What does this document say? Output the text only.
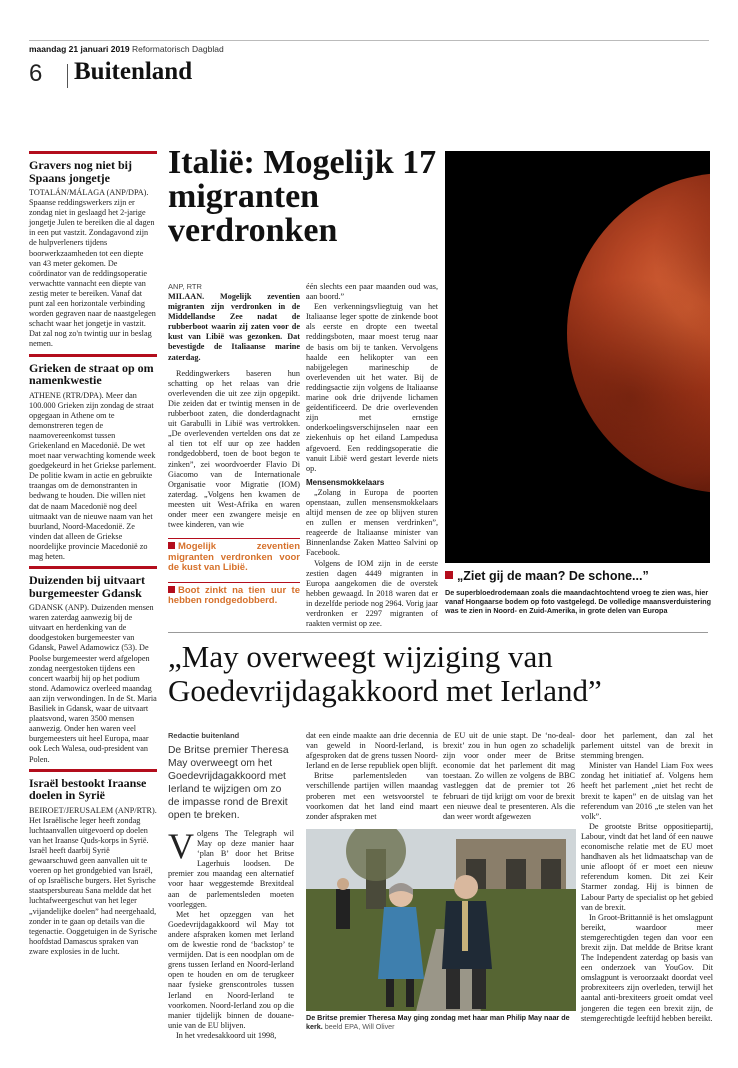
maandag 21 januari 2019 Reformatorisch Dagblad
6 Buitenland
Gravers nog niet bij Spaans jongetje

TOTALÁN/MÁLAGA (ANP/DPA). Spaanse reddingswerkers zijn er zondag niet in geslaagd het 2-jarige jongetje Julen te bereiken die al dagen in een put vastzit. Zondagavond zijn de hulpverleners tijdens boorwerkzaamheden tot een diepte van 43 meter gekomen. De coördinator van de reddingsoperatie verwachtte vannacht een diepte van zestig meter te bereiken. Vanaf dat punt zal een horizontale verbinding worden gegraven naar de naastgelegen schacht waar het jongetje in vastzit. Dat zal nog zo'n twintig uur in beslag nemen.

Grieken de straat op om namenkwestie

ATHENE (RTR/DPA). Meer dan 100.000 Grieken zijn zondag de straat opgegaan in Athene om te demonstreren tegen de naamovereenkomst tussen Griekenland en Macedonië. De wet moet naar verwachting komende week goedgekeurd in het Griekse parlement. De politie kwam in actie en gebruikte traangas om de demonstranten in bedwang te houden. Die willen niet dat de naam Macedonië nog deel uitmaakt van de nieuwe naam van het buurland, Noord-Macedonië. Ze vinden dat alleen de Griekse noordelijke provincie Macedonië zo mag heten.

Duizenden bij uitvaart burgemeester Gdansk

GDANSK (ANP). Duizenden mensen waren zaterdag aanwezig bij de uitvaart en herdenking van de doodgestoken burgemeester van Gdansk, Pawel Adamowicz (53). De Poolse burgemeester werd afgelopen zondag neergestoken tijdens een concert waarbij hij op het podium stond. Adamowicz overleed maandag aan zijn verwondingen. In de St. Maria Basiliek in Gdansk, waar de uitvaart plaatsvond, waren 3500 mensen aanwezig. Onder hen waren veel burgemeesters uit heel Europa, maar ook Lech Walesa, oud-president van Polen.

Israël bestookt Iraanse doelen in Syrië

BEIROET/JERUSALEM (ANP/RTR). Het Israëlische leger heeft zondag luchtaanvallen uitgevoerd op doelen van het Iraanse Quds-korps in Syrië. Israël heeft daarbij Syrië gewaarschuwd geen aanvallen uit te voeren op het grondgebied van Israël, of op Israëlische burgers. Het Syrische staatspersbureau Sana meldde dat het luchtafweergeschut van het leger „vijandelijke doelen” had neergehaald, zonder in te gaan op details van die tegenactie. Ooggetuigen in de Syrische hoofdstad Damascus spraken van zware explosies in de lucht.

Italië: Mogelijk 17 migranten verdronken
ANP, RTR

MILAAN. Mogelijk zeventien migranten zijn verdronken in de Middellandse Zee nadat de rubberboot waarin zij zaten voor de kust van Libië was gezonken. Dat bevestigde de Italiaanse marine zaterdag.

Reddingwerkers baseren hun schatting op het relaas van drie overlevenden die uit zee zijn opgepikt. Die zeiden dat er twintig mensen in de rubberboot zaten, die donderdagnacht uit Garabulli in Libië was vertrokken. „De overlevenden vertelden ons dat ze al tien tot elf uur op zee hadden rondgedobberd, toen de boot begon te zinken”, zei woordvoerder Flavio Di Giacomo van de Internationale Organisatie voor Migratie (IOM) zaterdag. „Volgens hen kwamen de meesten uit West-Afrika en waren onder meer een zwangere meisje en twee kinderen, van wie

Mogelijk zeventien migranten verdronken voor de kust van Libië.
Boot zinkt na tien uur te hebben rondgedobberd.

één slechts een paar maanden oud was, aan boord.”

Een verkenningsvliegtuig van het Italiaanse leger spotte de zinkende boot als eerste en dropte een tweetal reddingsboten, maar moest terug naar de basis om bij te tanken. Vervolgens haalde een helikopter van een nabijgelegen marineschip de overlevenden uit het water. Bij de reddingsactie zijn volgens de Italiaanse marine ook drie drijvende lichamen geïdentificeerd. De drie overlevenden zijn met ernstige onderkoelingsverschijnselen naar een ziekenhuis op het eiland Lampedusa afgevoerd. Een reddingsoperatie die vanuit Libië werd gestart leverde niets op.

Mensensmokkelaars

„Zolang in Europa de poorten openstaan, zullen mensensmokkelaars altijd mensen de zee op blijven sturen en zullen er mensen verdrinken”, reageerde de Italiaanse minister van Binnenlandse Zaken Matteo Salvini op Facebook.

Volgens de IOM zijn in de eerste zestien dagen 4449 migranten in Europa aangekomen die de overstek hebben gewaagd. In 2018 waren dat er in dezelfde periode nog 2964. Vorig jaar verdronken er 2297 migranten of raakten vermist op zee.

„Ziet gij de maan? De schone...”
De superbloedrodemaan zoals die maandachtochtend vroeg te zien was, hier vanaf Hongaarse bodem op foto vastgelegd. De volledige maansverduistering was te zien in Noord- en Zuid-Amerika, in grote delen van Europa
„May overweegt wijziging van Goedevrijdagakkoord met Ierland”
Redactie buitenland
De Britse premier Theresa May overweegt om het Goedevrijdagakkoord met Ierland te wijzigen om zo de impasse rond de Brexit open te breken.

Volgens The Telegraph wil May op deze manier haar ‘plan B’ door het Britse Lagerhuis loodsen. De premier zou maandag een alternatief voor haar weggestemde Brexitdeal aan de parlementsleden moeten voorleggen.

Met het opzeggen van het Goedevrijdagakkoord wil May tot andere afspraken komen met Ierland om de kwestie rond de ‘backstop’ te vermijden. Dat is een noodplan om de grens tussen Ierland en Noord-Ierland open te houden en om de terugkeer naar fysieke grenscontroles tussen Ierland en Noord-Ierland te voorkomen. Noord-Ierland zou op die manier tijdelijk binnen de douane-unie van de EU blijven.

In het vredesakkoord uit 1998,

dat een einde maakte aan drie decennia van geweld in Noord-Ierland, is afgesproken dat de grens tussen Noord-Ierland en de Ierse republiek open blijft.

Britse parlementsleden van verschillende partijen willen maandag proberen met een wetsvoorstel te voorkomen dat het land eind maart zonder afspraken met

de EU uit de unie stapt. De ‘no-deal-brexit’ zou in hun ogen zo schadelijk zijn voor onder meer de Britse economie dat het parlement dit mag toestaan. Zo willen ze volgens de BBC vastleggen dat de premier tot 26 februari de tijd krijgt om voor de brexit een nieuwe deal te presenteren. Als die dan weer wordt afgewezen

door het parlement, dan zal het parlement uitstel van de brexit in stemming brengen.

Minister van Handel Liam Fox wees zondag het initiatief af. Volgens hem heeft het parlement „niet het recht de brexit te kapen” en de uitslag van het referendum van 2016 „te stelen van het volk”.

De grootste Britse oppositiepartij, Labour, vindt dat het land óf een nauwe economische relatie met de EU moet handhaven als het lidmaatschap van de unie afloopt óf er moet een nieuw referendum komen. Dit zei Keir Starmer zondag. Hij is binnen de Labour Party de specialist op het gebied van de brexit.

In Groot-Brittannië is het omslagpunt bereikt, waardoor meer stemgerechtigden tegen dan voor een brexit zijn. Dat meldde de Britse krant The Independent zaterdag op basis van een onderzoek van YouGov. Dit omslagpunt is veroorzaakt doordat veel probrexiteers zijn overleden, terwijl het aantal anti-brexiteers groeit omdat veel jongeren die tegen een brexit zijn, de stemgerechtigde leeftijd hebben bereikt.

De Britse premier Theresa May ging zondag met haar man Philip May naar de kerk. beeld EPA, Will Oliver
